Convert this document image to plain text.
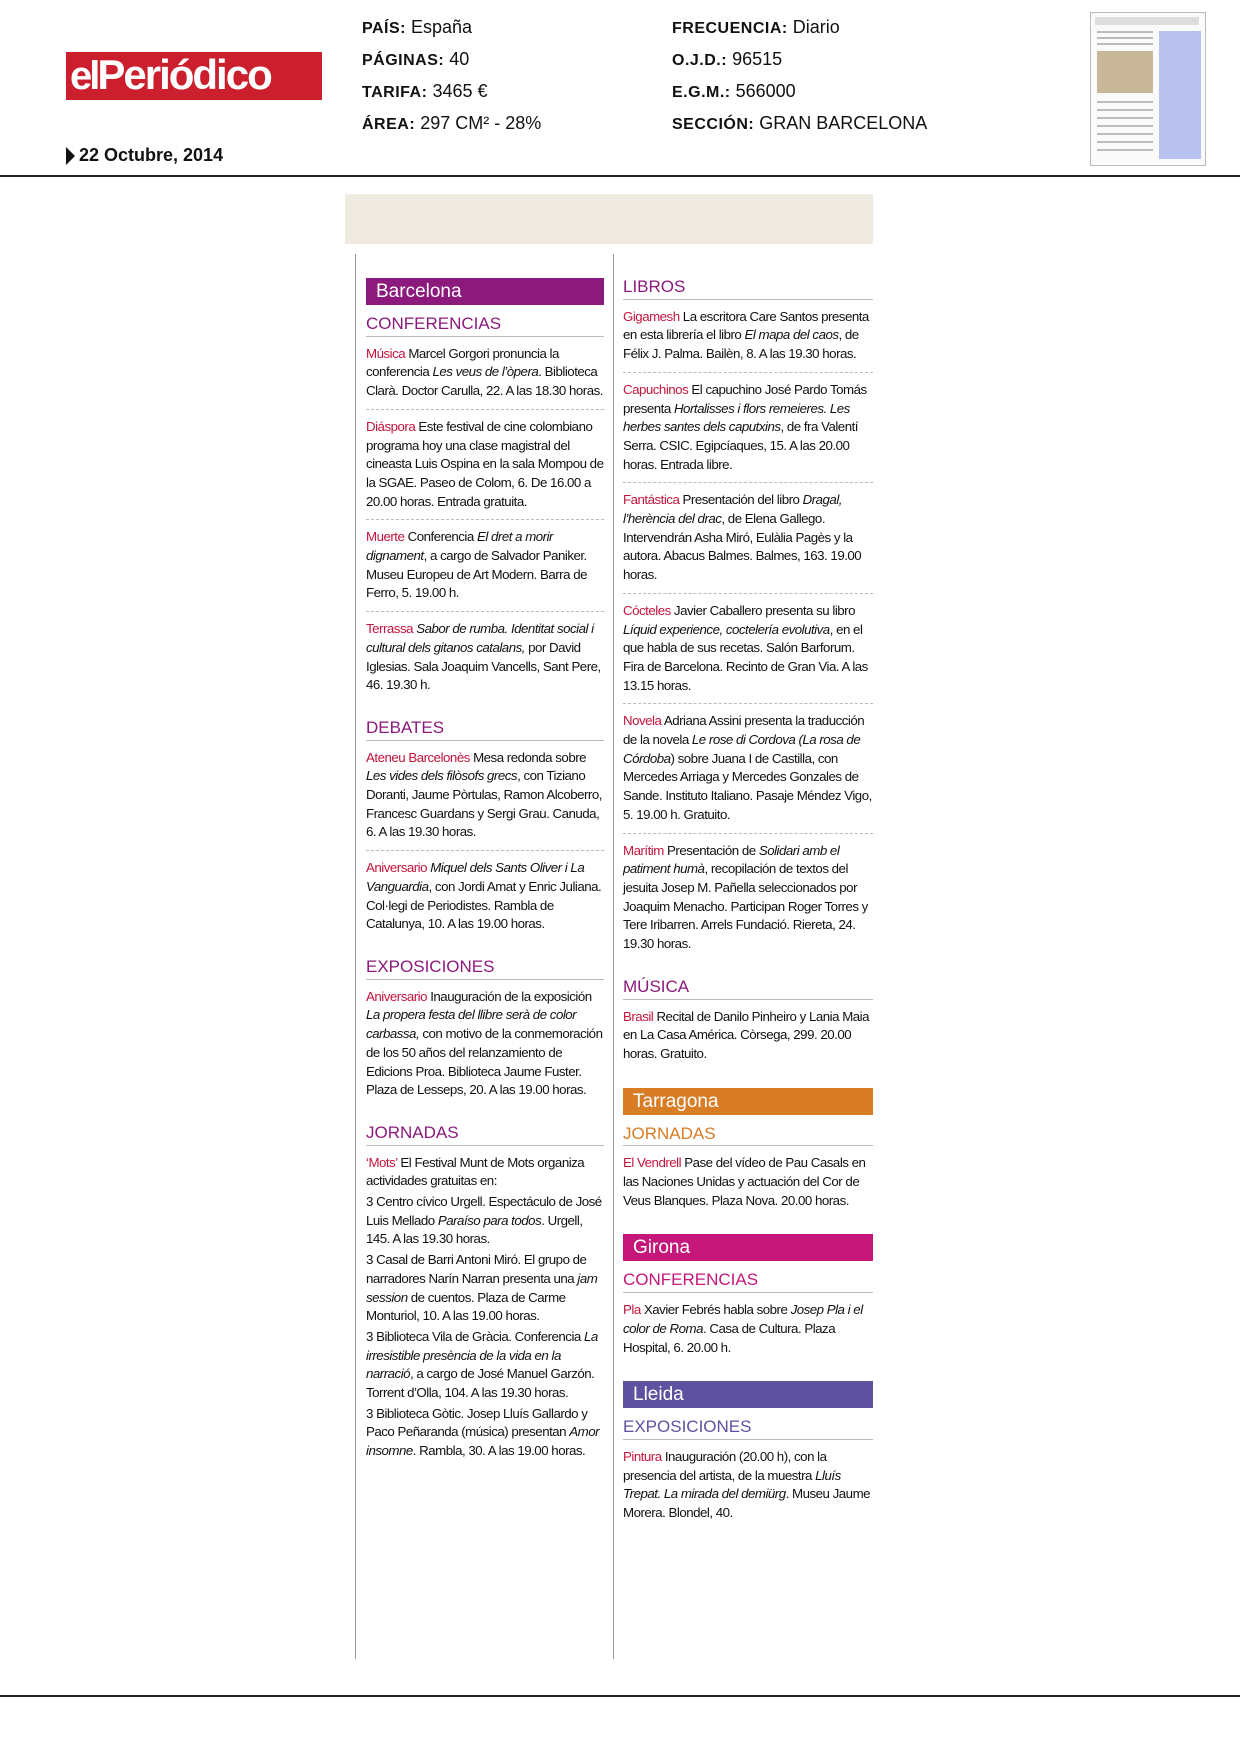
elPeriódico
22 Octubre, 2014
PAÍS: España
PÁGINAS: 40
TARIFA: 3465 €
ÁREA: 297 CM² - 28%
FRECUENCIA: Diario
O.J.D.: 96515
E.G.M.: 566000
SECCIÓN: GRAN BARCELONA
Barcelona
CONFERENCIAS
Música Marcel Gorgori pronuncia la conferencia Les veus de l’òpera. Biblioteca Clarà. Doctor Carulla, 22. A las 18.30 horas.
Diáspora Este festival de cine colombiano programa hoy una clase magistral del cineasta Luis Ospina en la sala Mompou de la SGAE. Paseo de Colom, 6. De 16.00 a 20.00 horas. Entrada gratuita.
Muerte Conferencia El dret a morir dignament, a cargo de Salvador Paniker. Museu Europeu de Art Modern. Barra de Ferro, 5. 19.00 h.
Terrassa Sabor de rumba. Identitat social i cultural dels gitanos catalans, por David Iglesias. Sala Joaquim Vancells, Sant Pere, 46. 19.30 h.
DEBATES
Ateneu Barcelonès Mesa redonda sobre Les vides dels filòsofs grecs, con Tiziano Doranti, Jaume Pòrtulas, Ramon Alcoberro, Francesc Guardans y Sergi Grau. Canuda, 6. A las 19.30 horas.
Aniversario Miquel dels Sants Oliver i La Vanguardia, con Jordi Amat y Enric Juliana. Col·legi de Periodistes. Rambla de Catalunya, 10. A las 19.00 horas.
EXPOSICIONES
Aniversario Inauguración de la exposición La propera festa del llibre serà de color carbassa, con motivo de la conmemoración de los 50 años del relanzamiento de Edicions Proa. Biblioteca Jaume Fuster. Plaza de Lesseps, 20. A las 19.00 horas.
JORNADAS
‘Mots’ El Festival Munt de Mots organiza actividades gratuitas en:
3 Centro cívico Urgell. Espectáculo de José Luis Mellado Paraíso para todos. Urgell, 145. A las 19.30 horas.
3 Casal de Barri Antoni Miró. El grupo de narradores Narín Narran presenta una jam session de cuentos. Plaza de Carme Monturiol, 10. A las 19.00 horas.
3 Biblioteca Vila de Gràcia. Conferencia La irresistible presència de la vida en la narració, a cargo de José Manuel Garzón. Torrent d’Olla, 104. A las 19.30 horas.
3 Biblioteca Gòtic. Josep Lluís Gallardo y Paco Peñaranda (música) presentan Amor insomne. Rambla, 30. A las 19.00 horas.
LIBROS
Gigamesh La escritora Care Santos presenta en esta librería el libro El mapa del caos, de Félix J. Palma. Bailèn, 8. A las 19.30 horas.
Capuchinos El capuchino José Pardo Tomás presenta Hortalisses i flors remeieres. Les herbes santes dels caputxins, de fra Valentí Serra. CSIC. Egipcíaques, 15. A las 20.00 horas. Entrada libre.
Fantástica Presentación del libro Dragal, l’herència del drac, de Elena Gallego. Intervendrán Asha Miró, Eulàlia Pagès y la autora. Abacus Balmes. Balmes, 163. 19.00 horas.
Cócteles Javier Caballero presenta su libro Líquid experience, coctelería evolutiva, en el que habla de sus recetas. Salón Barforum. Fira de Barcelona. Recinto de Gran Via. A las 13.15 horas.
Novela Adriana Assini presenta la traducción de la novela Le rose di Cordova (La rosa de Córdoba) sobre Juana I de Castilla, con Mercedes Arriaga y Mercedes Gonzales de Sande. Instituto Italiano. Pasaje Méndez Vigo, 5. 19.00 h. Gratuito.
Marítim Presentación de Solidari amb el patiment humà, recopilación de textos del jesuita Josep M. Pañella seleccionados por Joaquim Menacho. Participan Roger Torres y Tere Iribarren. Arrels Fundació. Riereta, 24. 19.30 horas.
MÚSICA
Brasil Recital de Danilo Pinheiro y Lania Maia en La Casa América. Còrsega, 299. 20.00 horas. Gratuito.
Tarragona
JORNADAS
El Vendrell Pase del vídeo de Pau Casals en las Naciones Unidas y actuación del Cor de Veus Blanques. Plaza Nova. 20.00 horas.
Girona
CONFERENCIAS
Pla Xavier Febrés habla sobre Josep Pla i el color de Roma. Casa de Cultura. Plaza Hospital, 6. 20.00 h.
Lleida
EXPOSICIONES
Pintura Inauguración (20.00 h), con la presencia del artista, de la muestra Lluís Trepat. La mirada del demiürg. Museu Jaume Morera. Blondel, 40.
